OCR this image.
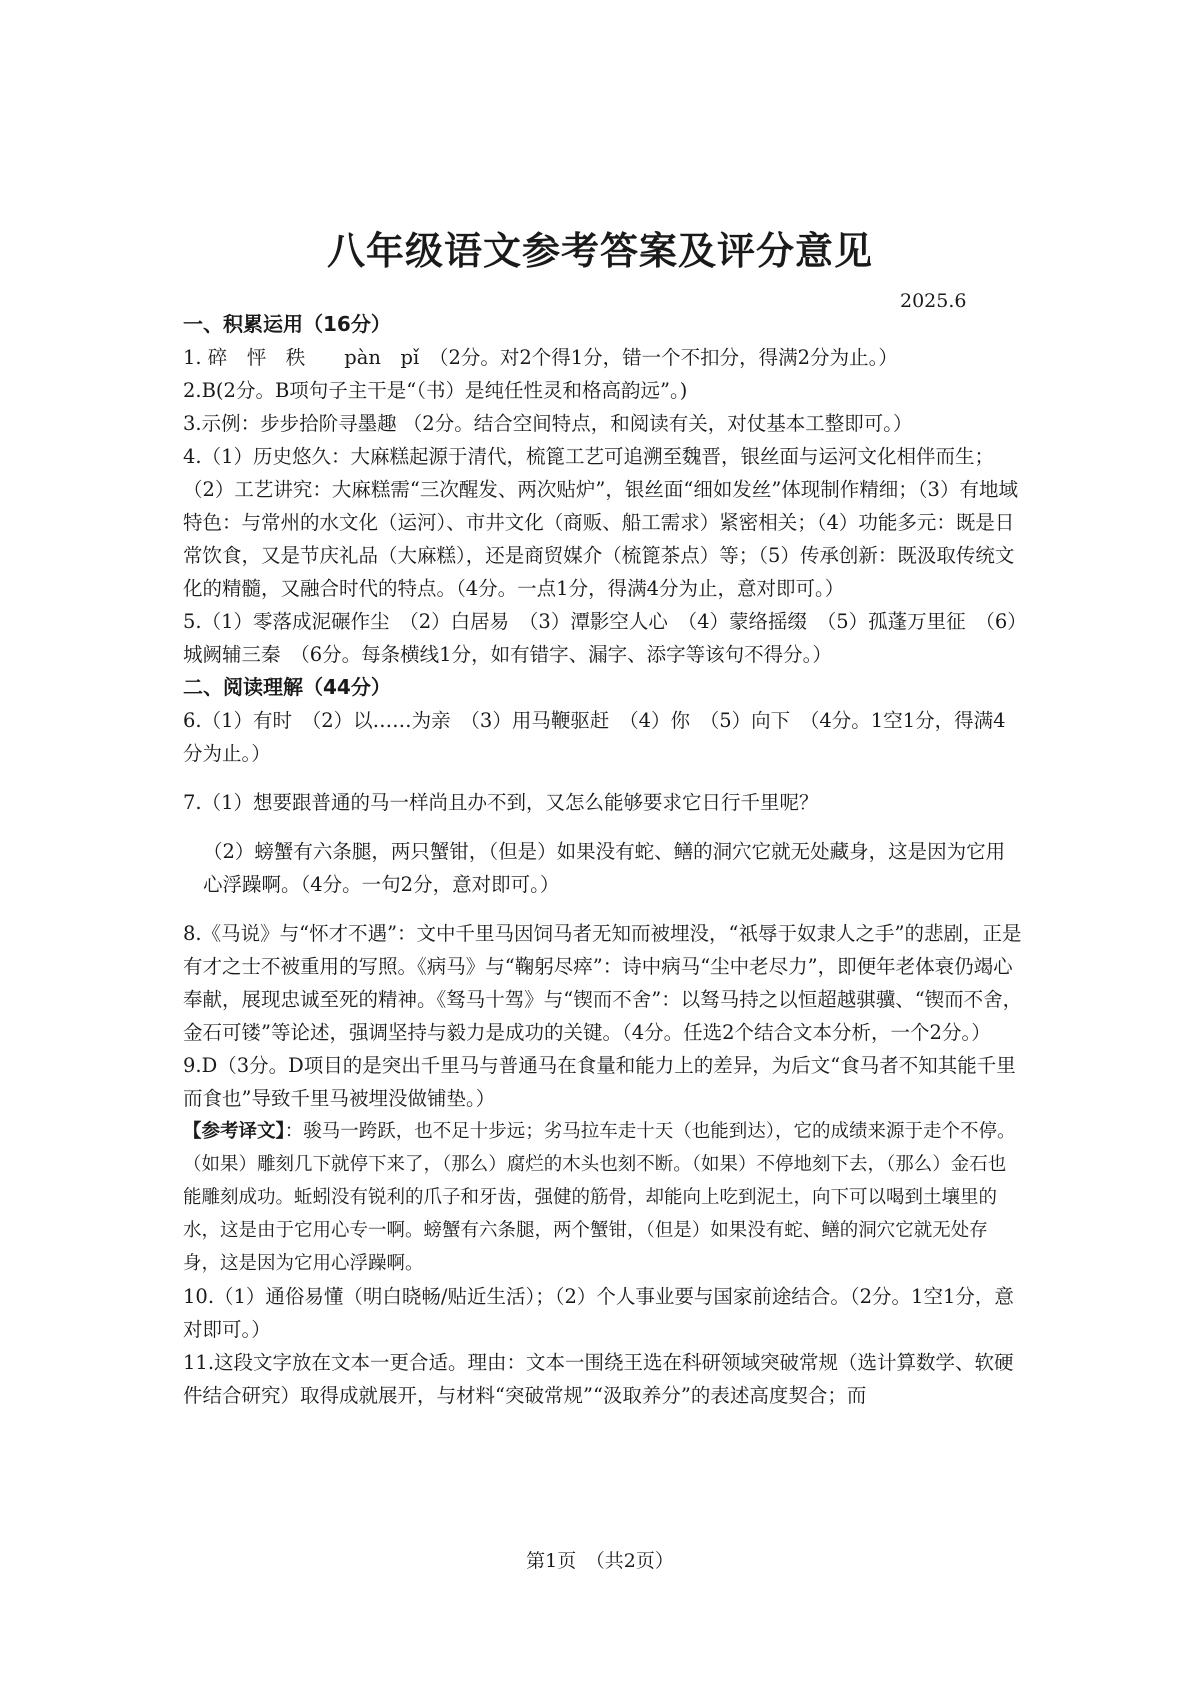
八年级语文参考答案及评分意见
2025.6

一、积累运用（16分）

1. 碎　怦　秩　　pàn　pǐ　（2分。对2个得1分，错一个不扣分，得满2分为止。）

2.B(2分。B项句子主干是“（书）是纯任性灵和格高韵远”。)

3.示例：步步拾阶寻墨趣 （2分。结合空间特点，和阅读有关，对仗基本工整即可。）

4.（1）历史悠久：大麻糕起源于清代，梳篦工艺可追溯至魏晋，银丝面与运河文化相伴而生；（2）工艺讲究：大麻糕需“三次醒发、两次贴炉”，银丝面“细如发丝”体现制作精细；（3）有地域特色：与常州的水文化（运河）、市井文化（商贩、船工需求）紧密相关；（4）功能多元：既是日常饮食，又是节庆礼品（大麻糕），还是商贸媒介（梳篦茶点）等；（5）传承创新：既汲取传统文化的精髓，又融合时代的特点。（4分。一点1分，得满4分为止，意对即可。）

5.（1）零落成泥碾作尘　（2）白居易　（3）潭影空人心　（4）蒙络摇缀　（5）孤蓬万里征　（6）城阙辅三秦　（6分。每条横线1分，如有错字、漏字、添字等该句不得分。）

二、阅读理解（44分）

6.（1）有时　（2）以……为亲　（3）用马鞭驱赶　（4）你　（5）向下　（4分。1空1分，得满4分为止。）

7.（1）想要跟普通的马一样尚且办不到，又怎么能够要求它日行千里呢？

（2）螃蟹有六条腿，两只蟹钳，（但是）如果没有蛇、鳝的洞穴它就无处藏身，这是因为它用心浮躁啊。（4分。一句2分，意对即可。）

8.《马说》与“怀才不遇”：文中千里马因饲马者无知而被埋没，“祇辱于奴隶人之手”的悲剧，正是有才之士不被重用的写照。《病马》与“鞠躬尽瘁”：诗中病马“尘中老尽力”，即便年老体衰仍竭心奉献，展现忠诚至死的精神。《驽马十驾》与“锲而不舍”：以驽马持之以恒超越骐骥、“锲而不舍，金石可镂”等论述，强调坚持与毅力是成功的关键。（4分。任选2个结合文本分析，一个2分。）

9.D（3分。D项目的是突出千里马与普通马在食量和能力上的差异，为后文“食马者不知其能千里而食也”导致千里马被埋没做铺垫。）

【参考译文】：骏马一跨跃，也不足十步远；劣马拉车走十天（也能到达），它的成绩来源于走个不停。（如果）雕刻几下就停下来了，（那么）腐烂的木头也刻不断。（如果）不停地刻下去，（那么）金石也能雕刻成功。蚯蚓没有锐利的爪子和牙齿，强健的筋骨，却能向上吃到泥土，向下可以喝到土壤里的水，这是由于它用心专一啊。螃蟹有六条腿，两个蟹钳，（但是）如果没有蛇、鳝的洞穴它就无处存身，这是因为它用心浮躁啊。

10.（1）通俗易懂（明白晓畅/贴近生活）；（2）个人事业要与国家前途结合。（2分。1空1分，意对即可。）

11.这段文字放在文本一更合适。理由：文本一围绕王选在科研领域突破常规（选计算数学、软硬件结合研究）取得成就展开，与材料“突破常规”“汲取养分”的表述高度契合；而

第1页　（共2页）
